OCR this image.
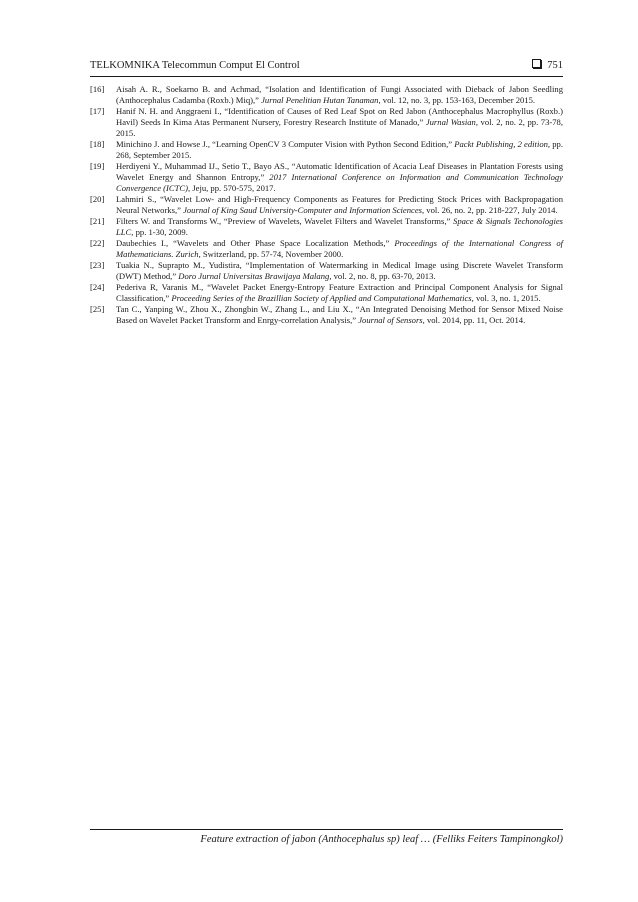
TELKOMNIKA Telecommun Comput El Control	751
[16] Aisah A. R., Soekarno B. and Achmad, “Isolation and Identification of Fungi Associated with Dieback of Jabon Seedling (Anthocephalus Cadamba (Roxb.) Miq),” Jurnal Penelitian Hutan Tanaman, vol. 12, no. 3, pp. 153-163, December 2015.
[17] Hanif N. H. and Anggraeni I., “Identification of Causes of Red Leaf Spot on Red Jabon (Anthocephalus Macrophyllus (Roxb.) Havil) Seeds In Kima Atas Permanent Nursery, Forestry Research Institute of Manado,” Jurnal Wasian, vol. 2, no. 2, pp. 73-78, 2015.
[18] Minichino J. and Howse J., “Learning OpenCV 3 Computer Vision with Python Second Edition,” Packt Publishing, 2 edition, pp. 268, September 2015.
[19] Herdiyeni Y., Muhammad IJ., Setio T., Bayo AS., “Automatic Identification of Acacia Leaf Diseases in Plantation Forests using Wavelet Energy and Shannon Entropy,” 2017 International Conference on Information and Communication Technology Convergence (ICTC), Jeju, pp. 570-575, 2017.
[20] Lahmiri S., “Wavelet Low- and High-Frequency Components as Features for Predicting Stock Prices with Backpropagation Neural Networks,” Journal of King Saud University-Computer and Information Sciences, vol. 26, no. 2, pp. 218-227, July 2014.
[21] Filters W. and Transforms W., “Preview of Wavelets, Wavelet Filters and Wavelet Transforms,” Space & Signals Techonologies LLC, pp. 1-30, 2009.
[22] Daubechies I., “Wavelets and Other Phase Space Localization Methods,” Proceedings of the International Congress of Mathematicians. Zurich, Switzerland, pp. 57-74, November 2000.
[23] Tuakia N., Suprapto M., Yudistira, “Implementation of Watermarking in Medical Image using Discrete Wavelet Transform (DWT) Method,” Doro Jurnal Universitas Brawijaya Malang, vol. 2, no. 8, pp. 63-70, 2013.
[24] Pederiva R, Varanis M., “Wavelet Packet Energy-Entropy Feature Extraction and Principal Component Analysis for Signal Classification,” Proceeding Series of the Brazillian Society of Applied and Computational Mathematics, vol. 3, no. 1, 2015.
[25] Tan C., Yanping W., Zhou X., Zhongbin W., Zhang L., and Liu X., “An Integrated Denoising Method for Sensor Mixed Noise Based on Wavelet Packet Transform and Enrgy-correlation Analysis,” Journal of Sensors, vol. 2014, pp. 11, Oct. 2014.
Feature extraction of jabon (Anthocephalus sp) leaf … (Felliks Feiters Tampinongkol)
